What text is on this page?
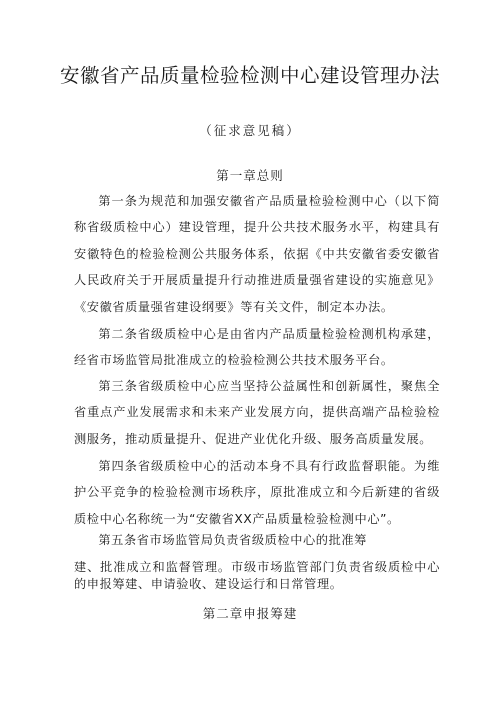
安徽省产品质量检验检测中心建设管理办法
（征求意见稿）
第一章总则
第一条为规范和加强安徽省产品质量检验检测中心（以下简称省级质检中心）建设管理，提升公共技术服务水平，构建具有安徽特色的检验检测公共服务体系，依据《中共安徽省委安徽省人民政府关于开展质量提升行动推进质量强省建设的实施意见》《安徽省质量强省建设纲要》等有关文件，制定本办法。
第二条省级质检中心是由省内产品质量检验检测机构承建，经省市场监管局批准成立的检验检测公共技术服务平台。
第三条省级质检中心应当坚持公益属性和创新属性，聚焦全省重点产业发展需求和未来产业发展方向，提供高端产品检验检测服务，推动质量提升、促进产业优化升级、服务高质量发展。
第四条省级质检中心的活动本身不具有行政监督职能。为维护公平竞争的检验检测市场秩序，原批准成立和今后新建的省级质检中心名称统一为“安徽省XX产品质量检验检测中心”。
第五条省市场监管局负责省级质检中心的批准筹
建、批准成立和监督管理。市级市场监管部门负责省级质检中心的申报筹建、申请验收、建设运行和日常管理。
第二章申报筹建
